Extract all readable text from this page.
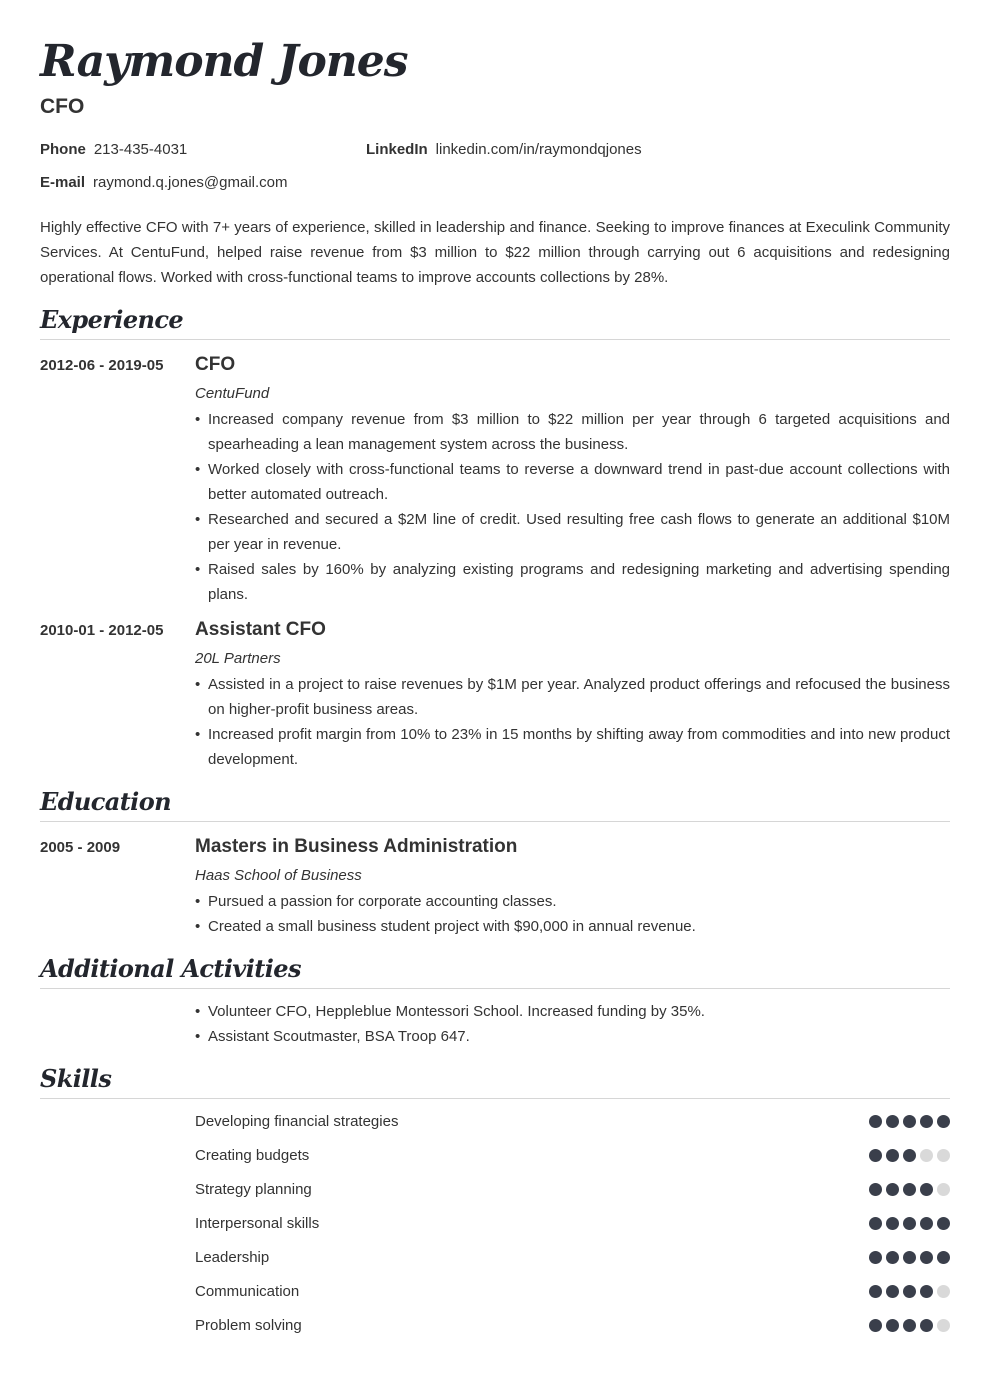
Raymond Jones
CFO
Phone 213-435-4031	LinkedIn linkedin.com/in/raymondqjones
E-mail raymond.q.jones@gmail.com

Highly effective CFO with 7+ years of experience, skilled in leadership and finance. Seeking to improve finances at Execulink Community Services. At CentuFund, helped raise revenue from $3 million to $22 million through carrying out 6 acquisitions and redesigning operational flows. Worked with cross-functional teams to improve accounts collections by 28%.

Experience
2012-06 - 2019-05 CFO
CentuFund
• Increased company revenue from $3 million to $22 million per year through 6 targeted acquisitions and spearheading a lean management system across the business.
• Worked closely with cross-functional teams to reverse a downward trend in past-due account collections with better automated outreach.
• Researched and secured a $2M line of credit. Used resulting free cash flows to generate an additional $10M per year in revenue.
• Raised sales by 160% by analyzing existing programs and redesigning marketing and advertising spending plans.
2010-01 - 2012-05 Assistant CFO
20L Partners
• Assisted in a project to raise revenues by $1M per year. Analyzed product offerings and refocused the business on higher-profit business areas.
• Increased profit margin from 10% to 23% in 15 months by shifting away from commodities and into new product development.
Education
2005 - 2009	Masters in Business Administration
Haas School of Business
• Pursued a passion for corporate accounting classes.
• Created a small business student project with $90,000 in annual revenue.
Additional Activities
• Volunteer CFO, Heppleblue Montessori School. Increased funding by 35%.
• Assistant Scoutmaster, BSA Troop 647.
Skills
Developing financial strategies
Creating budgets
Strategy planning
Interpersonal skills
Leadership
Communication
Problem solving
